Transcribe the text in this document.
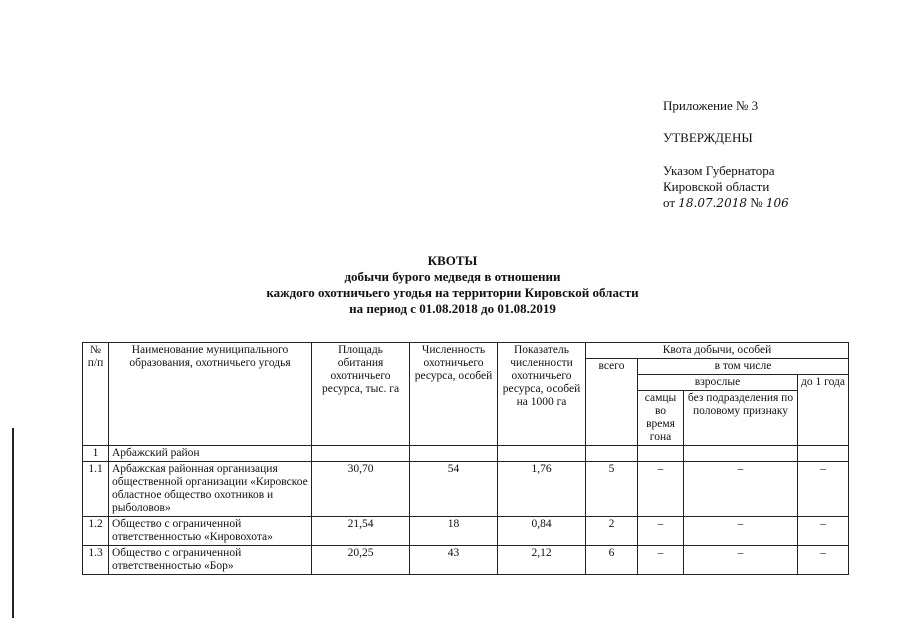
Приложение № 3
УТВЕРЖДЕНЫ
Указом Губернатора
Кировской области
от 18.07.2018 № 106
КВОТЫ
добычи бурого медведя в отношении
каждого охотничьего угодья на территории Кировской области
на период с 01.08.2018 до 01.08.2019
№ п/п	Наименование муниципального образования, охотничьего угодья	Площадь обитания охотничьего ресурса, тыс. га	Численность охотничьего ресурса, особей	Показатель численности охотничьего ресурса, особей на 1000 га	Квота добычи, особей			
					всего	в том числе		
						взрослые		до 1 года
						самцы во время гона	без подразделения по половому признаку	
1	Арбажский район							
1.1	Арбажская районная организация общественной организации «Кировское областное общество охотников и рыболовов»	30,70	54	1,76	5	–	–	–
1.2	Общество с ограниченной ответственностью «Кировохота»	21,54	18	0,84	2	–	–	–
1.3	Общество с ограниченной ответственностью «Бор»	20,25	43	2,12	6	–	–	–
